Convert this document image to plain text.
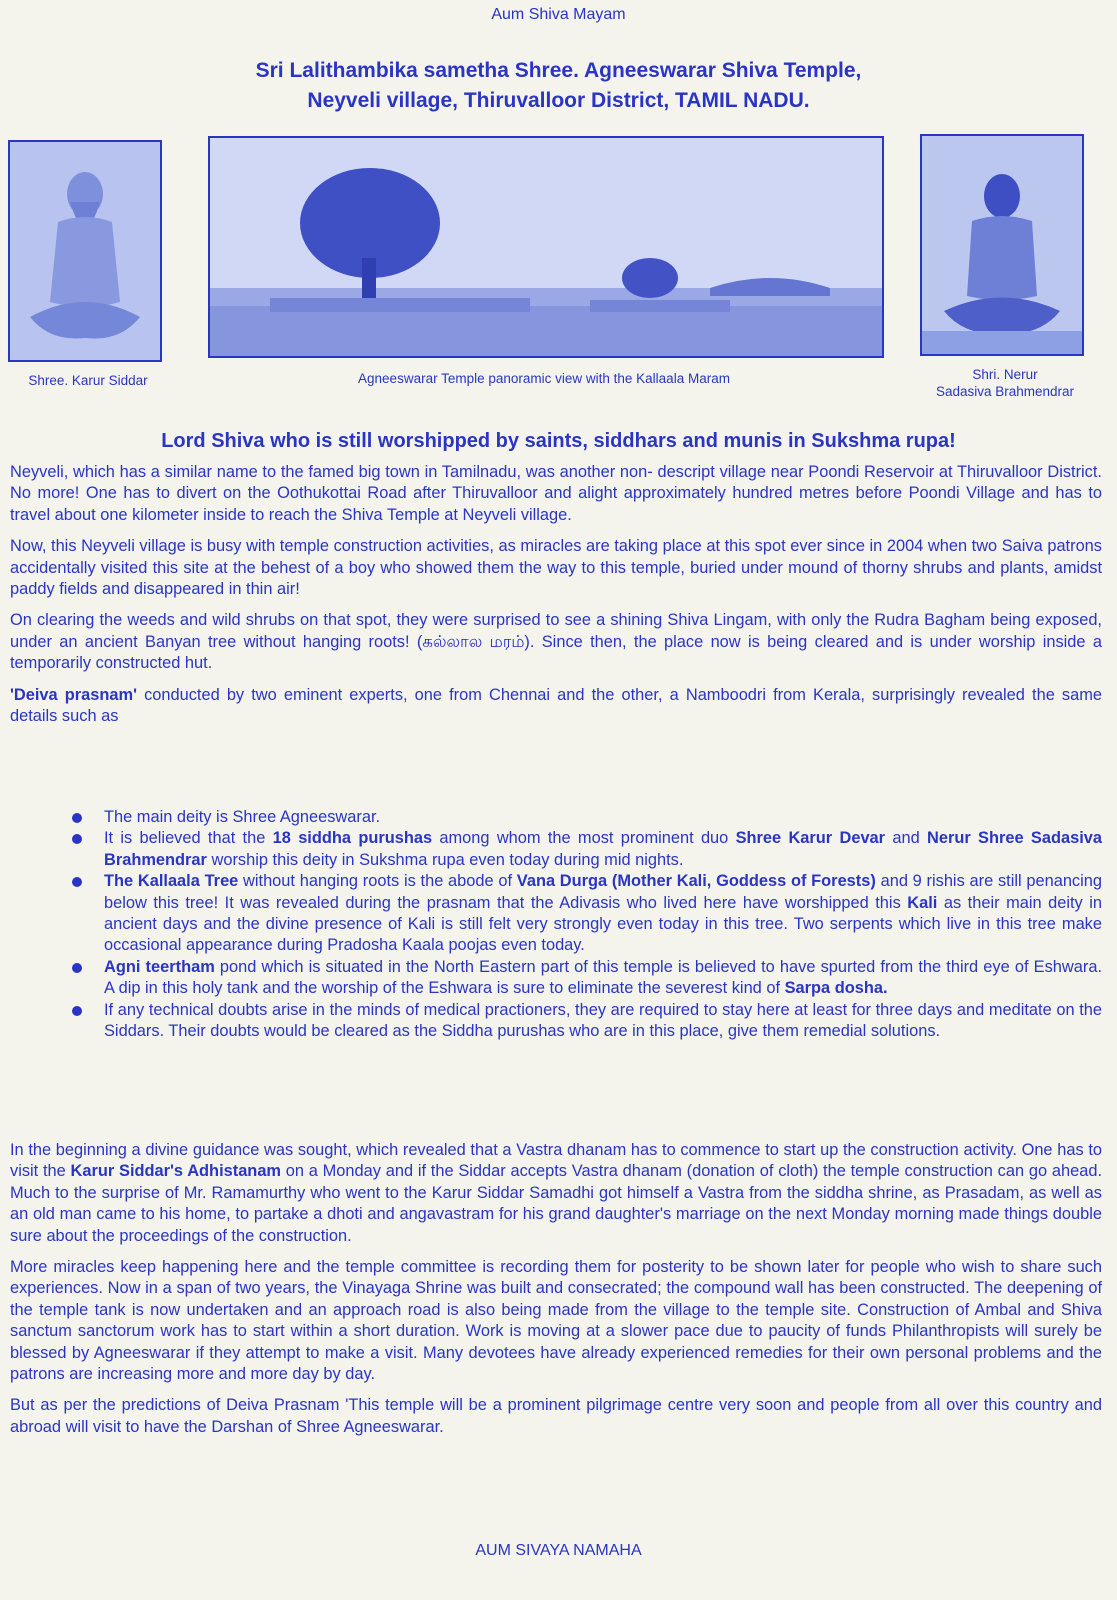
Aum Shiva Mayam
Sri Lalithambika sametha Shree. Agneeswarar Shiva Temple,
Neyveli village, Thiruvalloor District, TAMIL NADU.
Shree. Karur Siddar	Agneeswarar Temple panoramic view with the Kallaala Maram	Shri. Nerur
Sadasiva Brahmendrar
Lord Shiva who is still worshipped by saints, siddhars and munis in Sukshma rupa!

Neyveli, which has a similar name to the famed big town in Tamilnadu, was another non- descript village near Poondi Reservoir at Thiruvalloor District. No more! One has to divert on the Oothukottai Road after Thiruvalloor and alight approximately hundred metres before Poondi Village and has to travel about one kilometer inside to reach the Shiva Temple at Neyveli village.

Now, this Neyveli village is busy with temple construction activities, as miracles are taking place at this spot ever since in 2004 when two Saiva patrons accidentally visited this site at the behest of a boy who showed them the way to this temple, buried under mound of thorny shrubs and plants, amidst paddy fields and disappeared in thin air!

On clearing the weeds and wild shrubs on that spot, they were surprised to see a shining Shiva Lingam, with only the Rudra Bagham being exposed, under an ancient Banyan tree without hanging roots! (கல்லால மரம்). Since then, the place now is being cleared and is under worship inside a temporarily constructed hut.

'Deiva prasnam' conducted by two eminent experts, one from Chennai and the other, a Namboodri from Kerala, surprisingly revealed the same details such as

The main deity is Shree Agneeswarar.
It is believed that the 18 siddha purushas among whom the most prominent duo Shree Karur Devar and Nerur Shree Sadasiva Brahmendrar worship this deity in Sukshma rupa even today during mid nights.
The Kallaala Tree without hanging roots is the abode of Vana Durga (Mother Kali, Goddess of Forests) and 9 rishis are still penancing below this tree! It was revealed during the prasnam that the Adivasis who lived here have worshipped this Kali as their main deity in ancient days and the divine presence of Kali is still felt very strongly even today in this tree. Two serpents which live in this tree make occasional appearance during Pradosha Kaala poojas even today.
Agni teertham pond which is situated in the North Eastern part of this temple is believed to have spurted from the third eye of Eshwara. A dip in this holy tank and the worship of the Eshwara is sure to eliminate the severest kind of Sarpa dosha.
If any technical doubts arise in the minds of medical practioners, they are required to stay here at least for three days and meditate on the Siddars. Their doubts would be cleared as the Siddha purushas who are in this place, give them remedial solutions.

In the beginning a divine guidance was sought, which revealed that a Vastra dhanam has to commence to start up the construction activity. One has to visit the Karur Siddar's Adhistanam on a Monday and if the Siddar accepts Vastra dhanam (donation of cloth) the temple construction can go ahead. Much to the surprise of Mr. Ramamurthy who went to the Karur Siddar Samadhi got himself a Vastra from the siddha shrine, as Prasadam, as well as an old man came to his home, to partake a dhoti and angavastram for his grand daughter's marriage on the next Monday morning made things double sure about the proceedings of the construction.

More miracles keep happening here and the temple committee is recording them for posterity to be shown later for people who wish to share such experiences. Now in a span of two years, the Vinayaga Shrine was built and consecrated; the compound wall has been constructed. The deepening of the temple tank is now undertaken and an approach road is also being made from the village to the temple site. Construction of Ambal and Shiva sanctum sanctorum work has to start within a short duration. Work is moving at a slower pace due to paucity of funds Philanthropists will surely be blessed by Agneeswarar if they attempt to make a visit. Many devotees have already experienced remedies for their own personal problems and the patrons are increasing more and more day by day.

But as per the predictions of Deiva Prasnam 'This temple will be a prominent pilgrimage centre very soon and people from all over this country and abroad will visit to have the Darshan of Shree Agneeswarar.

AUM SIVAYA NAMAHA
